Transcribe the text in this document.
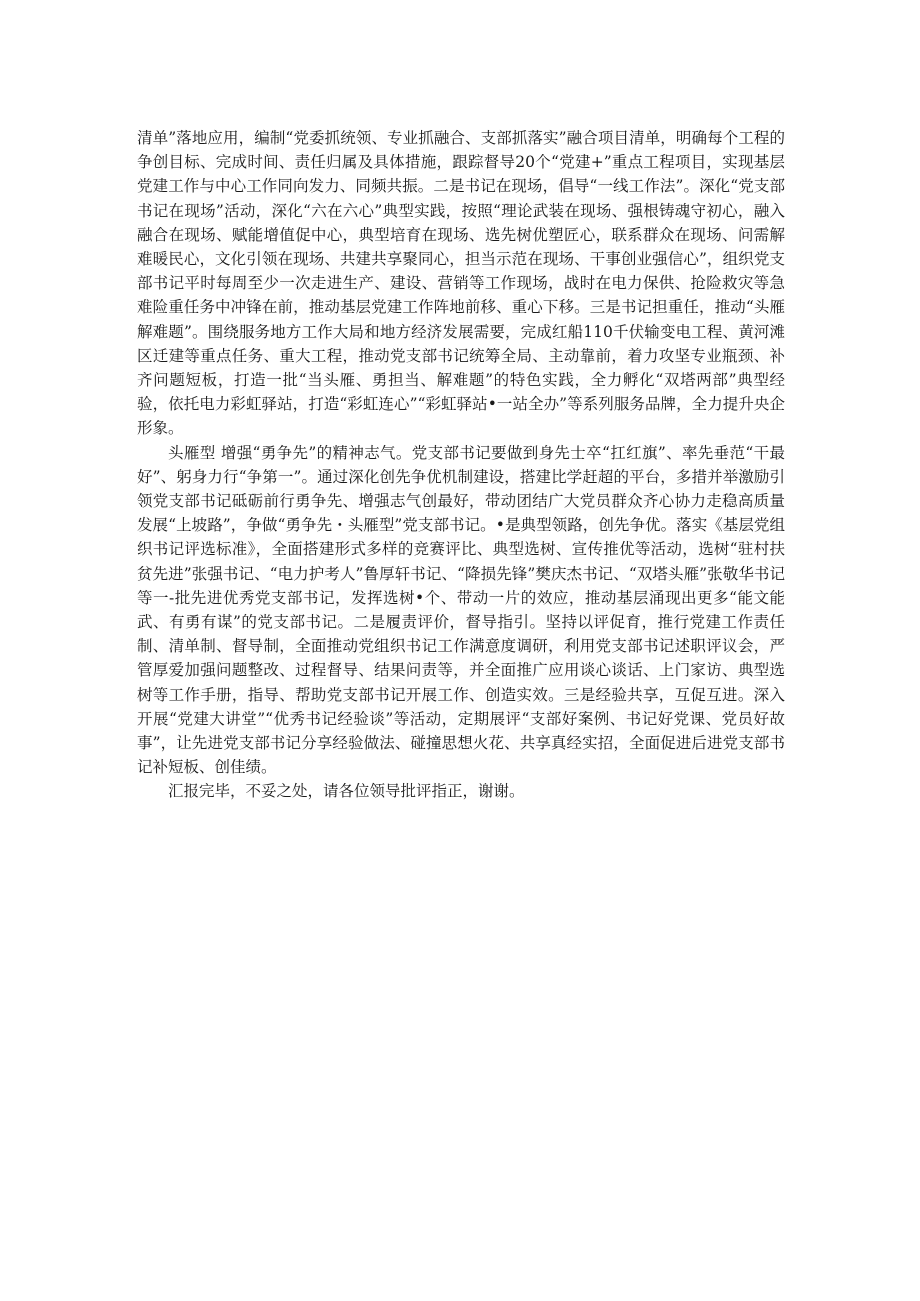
清单”落地应用，编制“党委抓统领、专业抓融合、支部抓落实”融合项目清单，明确每个工程的争创目标、完成时间、责任归属及具体措施，跟踪督导20个“党建+”重点工程项目，实现基层党建工作与中心工作同向发力、同频共振。二是书记在现场，倡导“一线工作法”。深化“党支部书记在现场”活动，深化“六在六心”典型实践，按照“理论武装在现场、强根铸魂守初心，融入融合在现场、赋能增值促中心，典型培育在现场、选先树优塑匠心，联系群众在现场、问需解难暖民心，文化引领在现场、共建共享聚同心，担当示范在现场、干事创业强信心”，组织党支部书记平时每周至少一次走进生产、建设、营销等工作现场，战时在电力保供、抢险救灾等急难险重任务中冲锋在前，推动基层党建工作阵地前移、重心下移。三是书记担重任，推动“头雁解难题”。围绕服务地方工作大局和地方经济发展需要，完成红船110千伏输变电工程、黄河滩区迁建等重点任务、重大工程，推动党支部书记统筹全局、主动靠前，着力攻坚专业瓶颈、补齐问题短板，打造一批“当头雁、勇担当、解难题”的特色实践，全力孵化“双塔两部”典型经验，依托电力彩虹驿站，打造“彩虹连心”“彩虹驿站•一站全办”等系列服务品牌，全力提升央企形象。

头雁型 增强“勇争先”的精神志气。党支部书记要做到身先士卒“扛红旗”、率先垂范“干最好”、躬身力行“争第一”。通过深化创先争优机制建设，搭建比学赶超的平台，多措并举激励引领党支部书记砥砺前行勇争先、增强志气创最好，带动团结广大党员群众齐心协力走稳高质量发展“上坡路”，争做“勇争先・头雁型”党支部书记。•是典型领路，创先争优。落实《基层党组织书记评选标准》，全面搭建形式多样的竞赛评比、典型选树、宣传推优等活动，选树“驻村扶贫先进”张强书记、“电力护考人”鲁厚轩书记、“降损先锋”樊庆杰书记、“双塔头雁”张敬华书记等一-批先进优秀党支部书记，发挥选树•个、带动一片的效应，推动基层涌现出更多“能文能武、有勇有谋”的党支部书记。二是履责评价，督导指引。坚持以评促育，推行党建工作责任制、清单制、督导制，全面推动党组织书记工作满意度调研，利用党支部书记述职评议会，严管厚爱加强问题整改、过程督导、结果问责等，并全面推广应用谈心谈话、上门家访、典型选树等工作手册，指导、帮助党支部书记开展工作、创造实效。三是经验共享，互促互进。深入开展“党建大讲堂”“优秀书记经验谈”等活动，定期展评“支部好案例、书记好党课、党员好故事”，让先进党支部书记分享经验做法、碰撞思想火花、共享真经实招，全面促进后进党支部书记补短板、创佳绩。

汇报完毕，不妥之处，请各位领导批评指正，谢谢。
